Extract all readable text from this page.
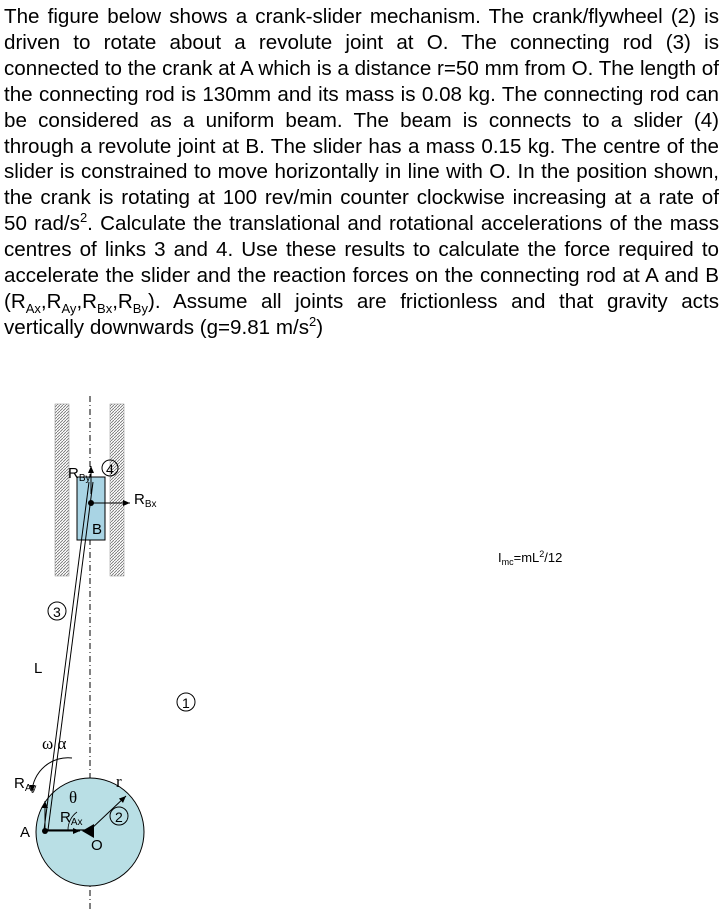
The figure below shows a crank-slider mechanism. The crank/flywheel (2) is driven to rotate about a revolute joint at O. The connecting rod (3) is connected to the crank at A which is a distance r=50 mm from O. The length of the connecting rod is 130mm and its mass is 0.08 kg. The connecting rod can be considered as a uniform beam. The beam is connects to a slider (4) through a revolute joint at B. The slider has a mass 0.15 kg. The centre of the slider is constrained to move horizontally in line with O. In the position shown, the crank is rotating at 100 rev/min counter clockwise increasing at a rate of 50 rad/$s^2$. Calculate the translational and rotational accelerations of the mass centres of links 3 and 4. Use these results to calculate the force required to accelerate the slider and the reaction forces on the connecting rod at A and B $(R_{Ax},R_{Ay},R_{Bx},R_{By})$. Assume all joints are frictionless and that gravity acts vertically downwards (g=9.81 $m/s^2$)

4
3
1
2
$R_{By}$
$R_{Bx}$
$R_{Ay}$
$R_{Ax}$
B
A
O
L
ω α
θ
r
$I_{mc}=mL^2/12$
